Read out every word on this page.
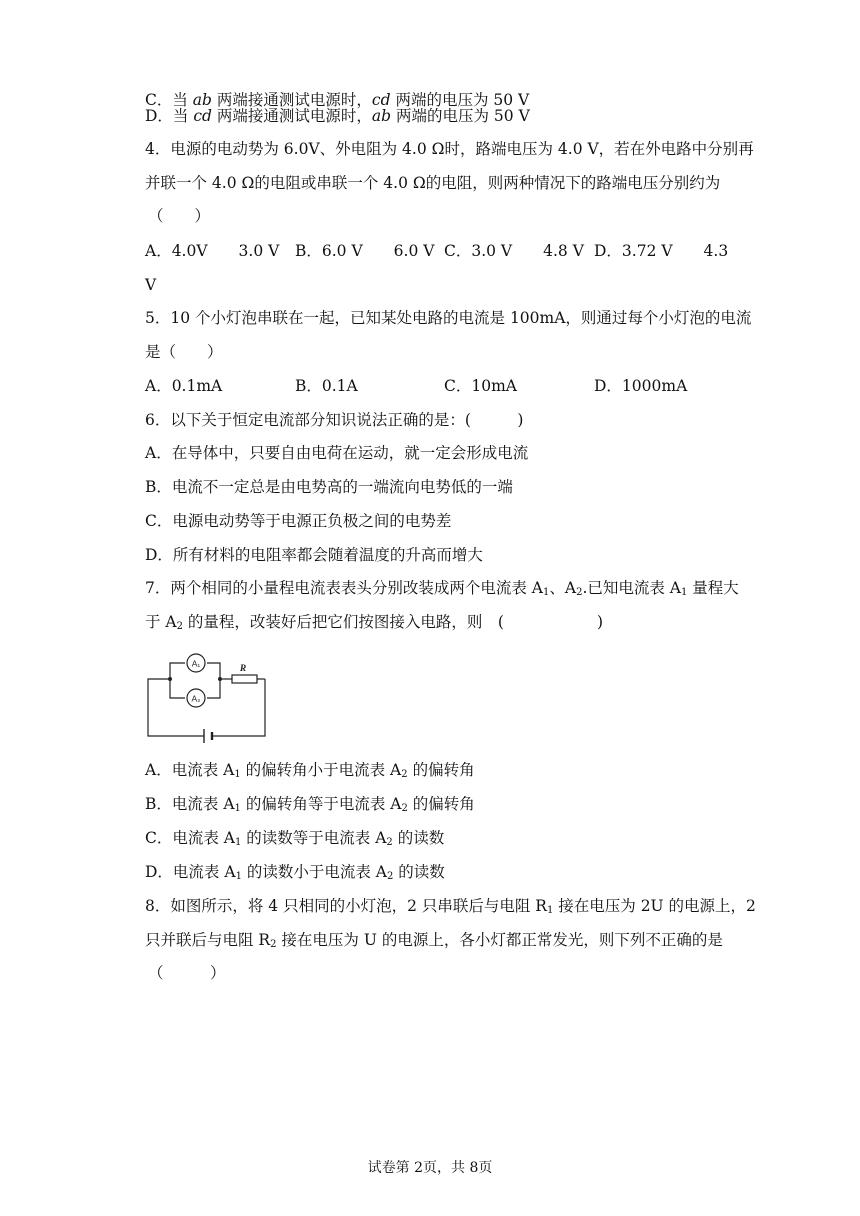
C．当 ab 两端接通测试电源时，cd 两端的电压为 50 V
D．当 cd 两端接通测试电源时，ab 两端的电压为 50 V
4．电源的电动势为 6.0V、外电阻为 4.0 Ω时，路端电压为 4.0 V，若在外电路中分别再
并联一个 4.0 Ω的电阻或串联一个 4.0 Ω的电阻，则两种情况下的路端电压分别约为
（　　）
A．4.0V　　3.0 V B．6.0 V　　6.0 V C．3.0 V　　4.8 V D．3.72 V　　4.3
V
5．10 个小灯泡串联在一起，已知某处电路的电流是 100mA，则通过每个小灯泡的电流
是（　　）
A．0.1mA	B．0.1A	C．10mA	D．1000mA
6．以下关于恒定电流部分知识说法正确的是：(　　　)
A．在导体中，只要自由电荷在运动，就一定会形成电流
B．电流不一定总是由电势高的一端流向电势低的一端
C．电源电动势等于电源正负极之间的电势差
D．所有材料的电阻率都会随着温度的升高而增大
7．两个相同的小量程电流表表头分别改装成两个电流表 $A_1$、$A_2$.已知电流表 $A_1$ 量程大
于 $A_2$ 的量程，改装好后把它们按图接入电路，则　(　　　　　　)
A₁
A₂
R
A．电流表 $A_1$ 的偏转角小于电流表 $A_2$ 的偏转角
B．电流表 $A_1$ 的偏转角等于电流表 $A_2$ 的偏转角
C．电流表 $A_1$ 的读数等于电流表 $A_2$ 的读数
D．电流表 $A_1$ 的读数小于电流表 $A_2$ 的读数
8．如图所示，将 4 只相同的小灯泡，2 只串联后与电阻 $R_1$ 接在电压为 2U 的电源上，2
只并联后与电阻 $R_2$ 接在电压为 U 的电源上，各小灯都正常发光，则下列不正确的是
（　　　）
试卷第 2页，共 8页
